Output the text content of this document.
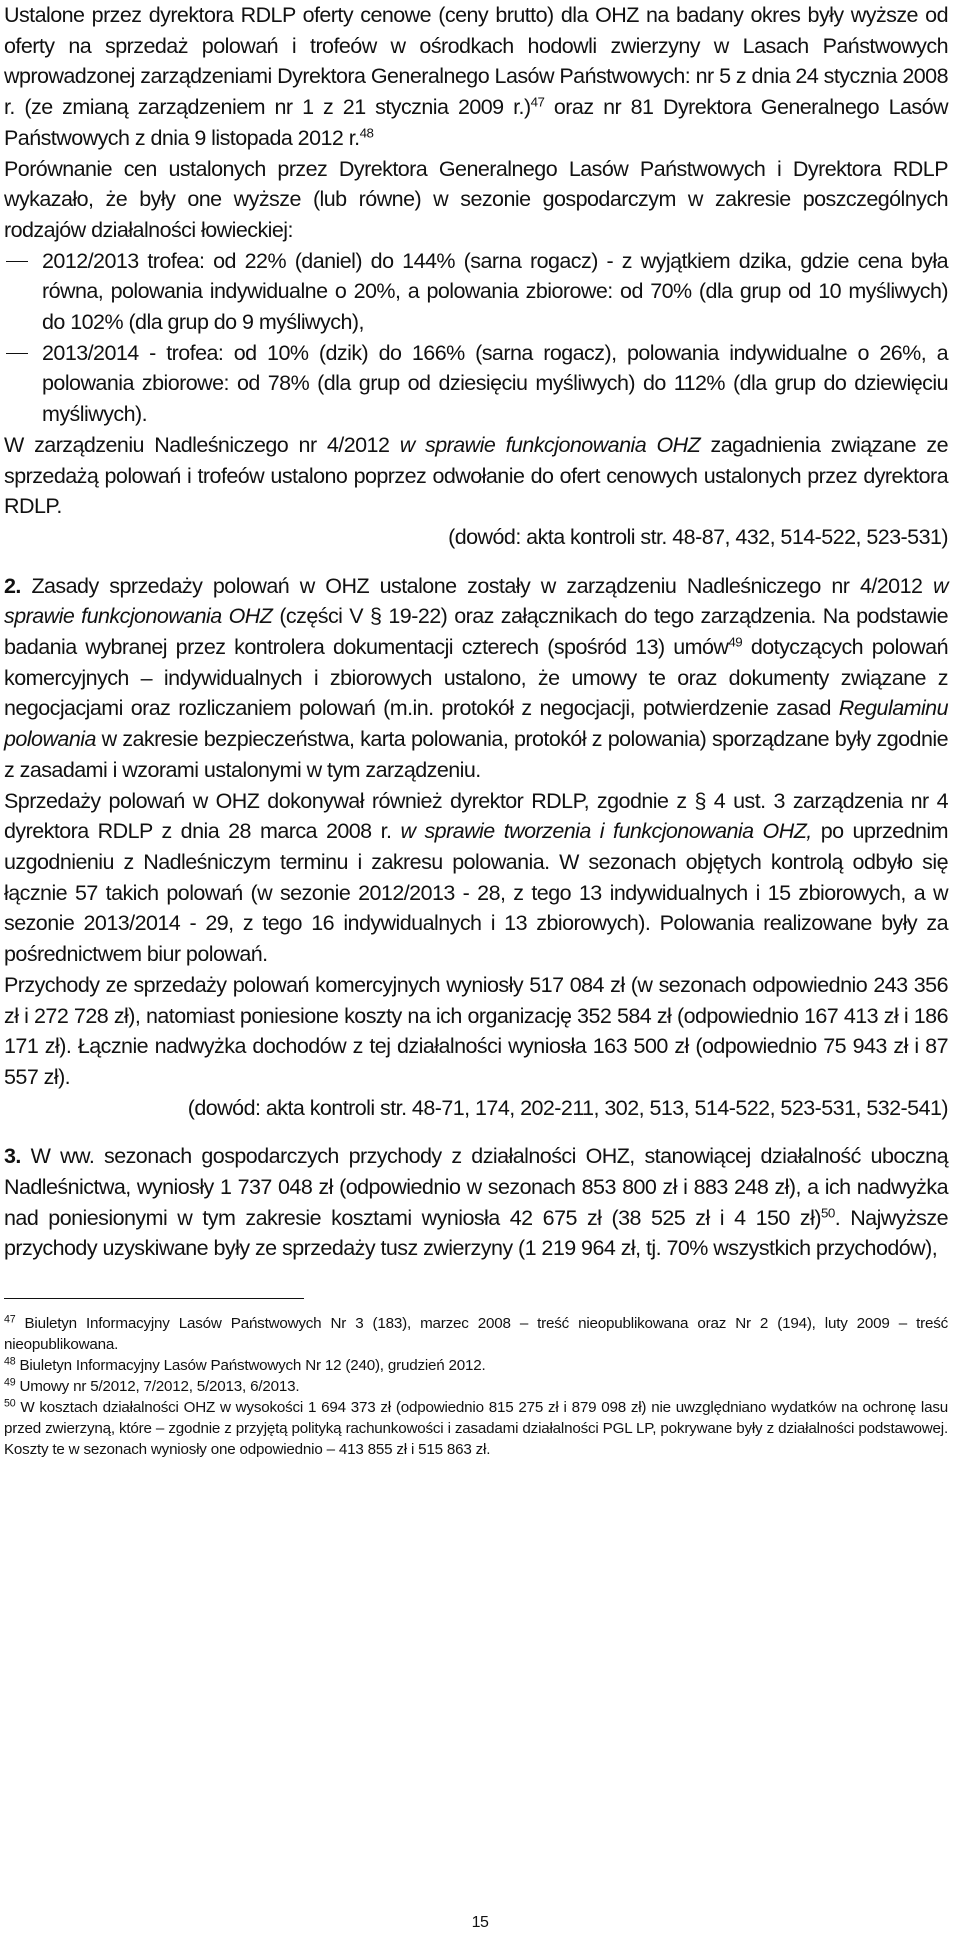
Ustalone przez dyrektora RDLP oferty cenowe (ceny brutto) dla OHZ na badany okres były wyższe od oferty na sprzedaż polowań i trofeów w ośrodkach hodowli zwierzyny w Lasach Państwowych wprowadzonej zarządzeniami Dyrektora Generalnego Lasów Państwowych: nr 5 z dnia 24 stycznia 2008 r. (ze zmianą zarządzeniem nr 1 z 21 stycznia 2009 r.)$^{47}$ oraz nr 81 Dyrektora Generalnego Lasów Państwowych z dnia 9 listopada 2012 r.$^{48}$

Porównanie cen ustalonych przez Dyrektora Generalnego Lasów Państwowych i Dyrektora RDLP wykazało, że były one wyższe (lub równe) w sezonie gospodarczym w zakresie poszczególnych rodzajów działalności łowieckiej:

2012/2013 trofea: od 22% (daniel) do 144% (sarna rogacz) - z wyjątkiem dzika, gdzie cena była równa, polowania indywidualne o 20%, a polowania zbiorowe: od 70% (dla grup od 10 myśliwych) do 102% (dla grup do 9 myśliwych),
2013/2014 - trofea: od 10% (dzik) do 166% (sarna rogacz), polowania indywidualne o 26%, a polowania zbiorowe: od 78% (dla grup od dziesięciu myśliwych) do 112% (dla grup do dziewięciu myśliwych).

W zarządzeniu Nadleśniczego nr 4/2012 w sprawie funkcjonowania OHZ zagadnienia związane ze sprzedażą polowań i trofeów ustalono poprzez odwołanie do ofert cenowych ustalonych przez dyrektora RDLP.

(dowód: akta kontroli str. 48-87, 432, 514-522, 523-531)

2. Zasady sprzedaży polowań w OHZ ustalone zostały w zarządzeniu Nadleśniczego nr 4/2012 w sprawie funkcjonowania OHZ (części V § 19-22) oraz załącznikach do tego zarządzenia. Na podstawie badania wybranej przez kontrolera dokumentacji czterech (spośród 13) umów$^{49}$ dotyczących polowań komercyjnych – indywidualnych i zbiorowych ustalono, że umowy te oraz dokumenty związane z negocjacjami oraz rozliczaniem polowań (m.in. protokół z negocjacji, potwierdzenie zasad Regulaminu polowania w zakresie bezpieczeństwa, karta polowania, protokół z polowania) sporządzane były zgodnie z zasadami i wzorami ustalonymi w tym zarządzeniu.

Sprzedaży polowań w OHZ dokonywał również dyrektor RDLP, zgodnie z § 4 ust. 3 zarządzenia nr 4 dyrektora RDLP z dnia 28 marca 2008 r. w sprawie tworzenia i funkcjonowania OHZ, po uprzednim uzgodnieniu z Nadleśniczym terminu i zakresu polowania. W sezonach objętych kontrolą odbyło się łącznie 57 takich polowań (w sezonie 2012/2013 - 28, z tego 13 indywidualnych i 15 zbiorowych, a w sezonie 2013/2014 - 29, z tego 16 indywidualnych i 13 zbiorowych). Polowania realizowane były za pośrednictwem biur polowań.

Przychody ze sprzedaży polowań komercyjnych wyniosły 517 084 zł (w sezonach odpowiednio 243 356 zł i 272 728 zł), natomiast poniesione koszty na ich organizację 352 584 zł (odpowiednio 167 413 zł i 186 171 zł). Łącznie nadwyżka dochodów z tej działalności wyniosła 163 500 zł (odpowiednio 75 943 zł i 87 557 zł).

(dowód: akta kontroli str. 48-71, 174, 202-211, 302, 513, 514-522, 523-531, 532-541)

3. W ww. sezonach gospodarczych przychody z działalności OHZ, stanowiącej działalność uboczną Nadleśnictwa, wyniosły 1 737 048 zł (odpowiednio w sezonach 853 800 zł i 883 248 zł), a ich nadwyżka nad poniesionymi w tym zakresie kosztami wyniosła 42 675 zł (38 525 zł i 4 150 zł)$^{50}$. Najwyższe przychody uzyskiwane były ze sprzedaży tusz zwierzyny (1 219 964 zł, tj. 70% wszystkich przychodów),

$^{47}$ Biuletyn Informacyjny Lasów Państwowych Nr 3 (183), marzec 2008 – treść nieopublikowana oraz Nr 2 (194), luty 2009 – treść nieopublikowana.

$^{48}$ Biuletyn Informacyjny Lasów Państwowych Nr 12 (240), grudzień 2012.

$^{49}$ Umowy nr 5/2012, 7/2012, 5/2013, 6/2013.

$^{50}$ W kosztach działalności OHZ w wysokości 1 694 373 zł (odpowiednio 815 275 zł i 879 098 zł) nie uwzględniano wydatków na ochronę lasu przed zwierzyną, które – zgodnie z przyjętą polityką rachunkowości i zasadami działalności PGL LP, pokrywane były z działalności podstawowej. Koszty te w sezonach wyniosły one odpowiednio – 413 855 zł i 515 863 zł.

15
